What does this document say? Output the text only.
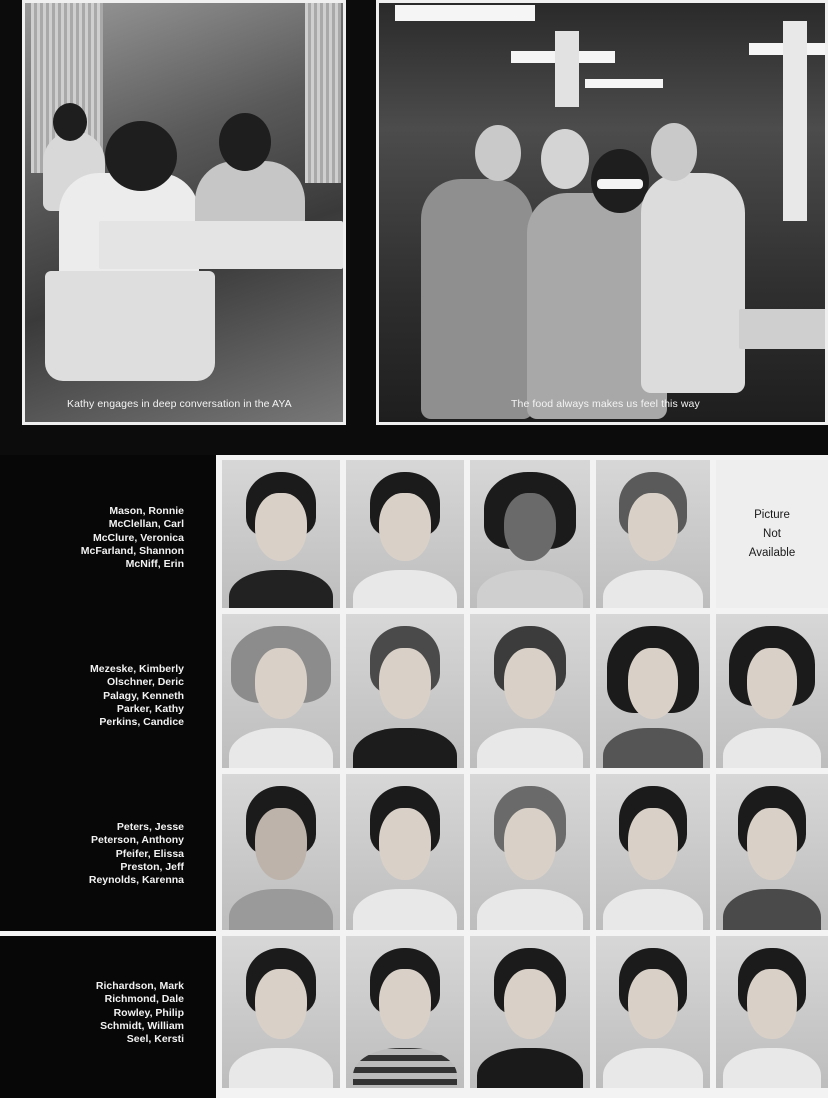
Kathy engages in deep conversation in the AYA	The food always makes us feel this way
Mason, Ronnie
McClellan, Carl
McClure, Veronica
McFarland, Shannon
McNiff, Erin
Mezeske, Kimberly
Olschner, Deric
Palagy, Kenneth
Parker, Kathy
Perkins, Candice
Peters, Jesse
Peterson, Anthony
Pfeifer, Elissa
Preston, Jeff
Reynolds, Karenna
Richardson, Mark
Richmond, Dale
Rowley, Philip
Schmidt, William
Seel, Kersti
Picture
Not
Available
